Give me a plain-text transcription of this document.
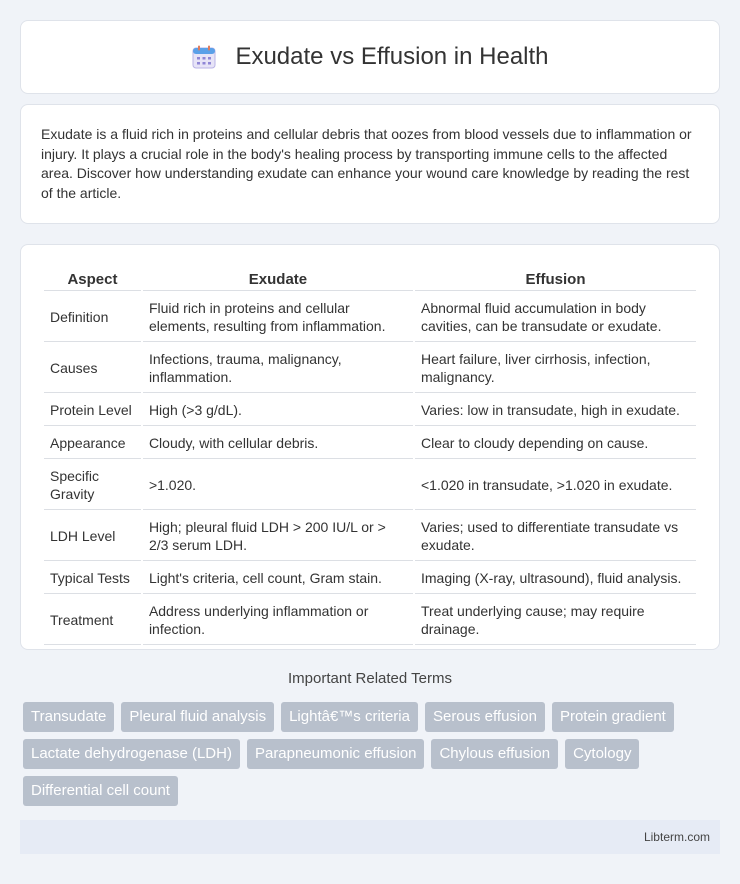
Exudate vs Effusion in Health

Exudate is a fluid rich in proteins and cellular debris that oozes from blood vessels due to inflammation or injury. It plays a crucial role in the body's healing process by transporting immune cells to the affected area. Discover how understanding exudate can enhance your wound care knowledge by reading the rest of the article.

Aspect	Exudate	Effusion
Definition	Fluid rich in proteins and cellular elements, resulting from inflammation.	Abnormal fluid accumulation in body cavities, can be transudate or exudate.
Causes	Infections, trauma, malignancy, inflammation.	Heart failure, liver cirrhosis, infection, malignancy.
Protein Level	High (>3 g/dL).	Varies: low in transudate, high in exudate.
Appearance	Cloudy, with cellular debris.	Clear to cloudy depending on cause.
Specific Gravity	>1.020.	<1.020 in transudate, >1.020 in exudate.
LDH Level	High; pleural fluid LDH > 200 IU/L or > 2/3 serum LDH.	Varies; used to differentiate transudate vs exudate.
Typical Tests	Light's criteria, cell count, Gram stain.	Imaging (X-ray, ultrasound), fluid analysis.
Treatment	Address underlying inflammation or infection.	Treat underlying cause; may require drainage.
Important Related Terms
Transudate	Pleural fluid analysis	Lightâ€™s criteria	Serous effusion	Protein gradient
Lactate dehydrogenase (LDH)	Parapneumonic effusion	Chylous effusion	Cytology
Differential cell count
Libterm.com
